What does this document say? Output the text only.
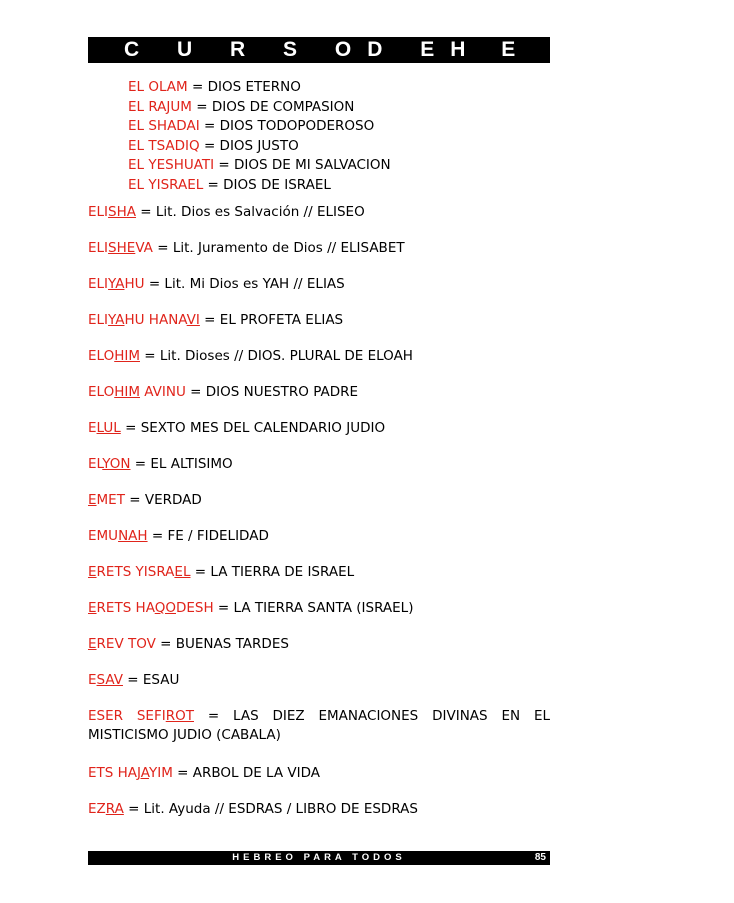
C U R S O D E H E B R E O
EL OLAM = DIOS ETERNO
EL RAJUM = DIOS DE COMPASION
EL SHADAI = DIOS TODOPODEROSO
EL TSADIQ = DIOS JUSTO
EL YESHUATI = DIOS DE MI SALVACION
EL YISRAEL = DIOS DE ISRAEL
ELISHA = Lit. Dios es Salvación // ELISEO
ELISHEVA = Lit. Juramento de Dios // ELISABET
ELIYAHU = Lit. Mi Dios es YAH // ELIAS
ELIYAHU HANAVI = EL PROFETA ELIAS
ELOHIM = Lit. Dioses // DIOS. PLURAL DE ELOAH
ELOHIM AVINU = DIOS NUESTRO PADRE
ELUL = SEXTO MES DEL CALENDARIO JUDIO
ELYON = EL ALTISIMO
EMET = VERDAD
EMUNAH = FE / FIDELIDAD
ERETS YISRAEL = LA TIERRA DE ISRAEL
ERETS HAQODESH = LA TIERRA SANTA (ISRAEL)
EREV TOV = BUENAS TARDES
ESAV = ESAU
ESER SEFIROT = LAS DIEZ EMANACIONES DIVINAS EN EL
MISTICISMO JUDIO (CABALA)
ETS HAJAYIM = ARBOL DE LA VIDA
EZRA = Lit. Ayuda // ESDRAS / LIBRO DE ESDRAS
HEBREO PARA TODOS	85
